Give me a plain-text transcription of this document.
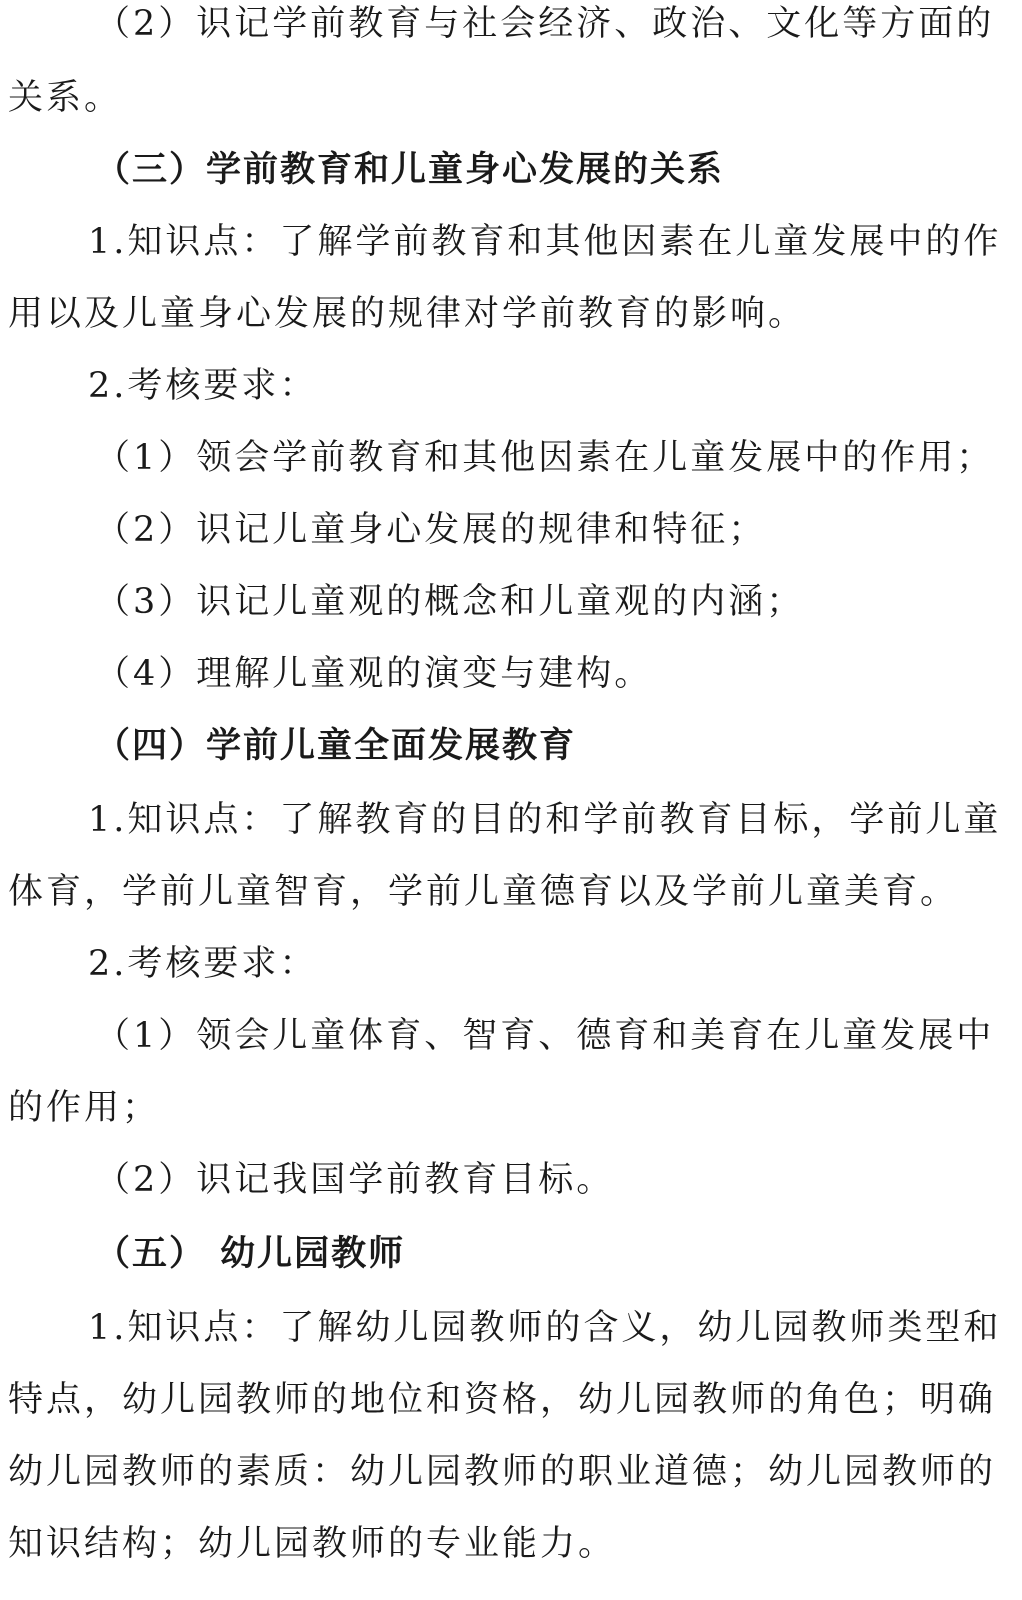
（2）识记学前教育与社会经济、政治、文化等方面的
关系。
（三）学前教育和儿童身心发展的关系
1.知识点：了解学前教育和其他因素在儿童发展中的作
用以及儿童身心发展的规律对学前教育的影响。
2.考核要求：
（1）领会学前教育和其他因素在儿童发展中的作用；
（2）识记儿童身心发展的规律和特征；
（3）识记儿童观的概念和儿童观的内涵；
（4）理解儿童观的演变与建构。
（四）学前儿童全面发展教育
1.知识点：了解教育的目的和学前教育目标，学前儿童
体育，学前儿童智育，学前儿童德育以及学前儿童美育。
2.考核要求：
（1）领会儿童体育、智育、德育和美育在儿童发展中
的作用；
（2）识记我国学前教育目标。
（五） 幼儿园教师
1.知识点：了解幼儿园教师的含义，幼儿园教师类型和
特点，幼儿园教师的地位和资格，幼儿园教师的角色；明确
幼儿园教师的素质：幼儿园教师的职业道德；幼儿园教师的
知识结构；幼儿园教师的专业能力。
